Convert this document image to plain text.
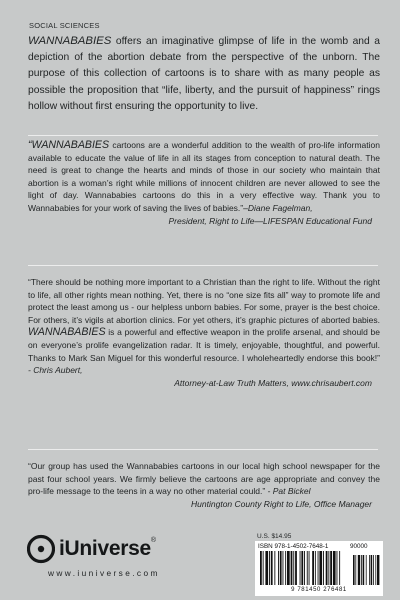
SOCIAL SCIENCES
WANNABABIES offers an imaginative glimpse of life in the womb and a depiction of the abortion debate from the perspective of the unborn. The purpose of this collection of cartoons is to share with as many people as possible the proposition that “life, liberty, and the pursuit of happiness” rings hollow without first ensuring the opportunity to live.
“WANNABABIES cartoons are a wonderful addition to the wealth of pro-life information available to educate the value of life in all its stages from conception to natural death. The need is great to change the hearts and minds of those in our society who maintain that abortion is a woman’s right while millions of innocent children are never allowed to see the light of day. Wannababies cartoons do this in a very effective way. Thank you to Wannababies for your work of saving the lives of babies.”–Diane Fagelman,
President, Right to Life—LIFESPAN Educational Fund
“There should be nothing more important to a Christian than the right to life. Without the right to life, all other rights mean nothing. Yet, there is no “one size fits all” way to promote life and protect the least among us - our helpless unborn babies. For some, prayer is the best choice. For others, it’s vigils at abortion clinics. For yet others, it’s graphic pictures of aborted babies. WANNABABIES is a powerful and effective weapon in the prolife arsenal, and should be on everyone’s prolife evangelization radar. It is timely, enjoyable, thoughtful, and powerful. Thanks to Mark San Miguel for this wonderful resource. I wholeheartedly endorse this book!” - Chris Aubert,
Attorney-at-Law Truth Matters, www.chrisaubert.com
“Our group has used the Wannababies cartoons in our local high school newspaper for the past four school years. We firmly believe the cartoons are age appropriate and convey the pro-life message to the teens in a way no other material could.” - Pat Bickel
Huntington County Right to Life, Office Manager
iUniverse®
www.iuniverse.com
U.S. $14.95
ISBN 978-1-4502-7648-1	90000
9 781450 276481
